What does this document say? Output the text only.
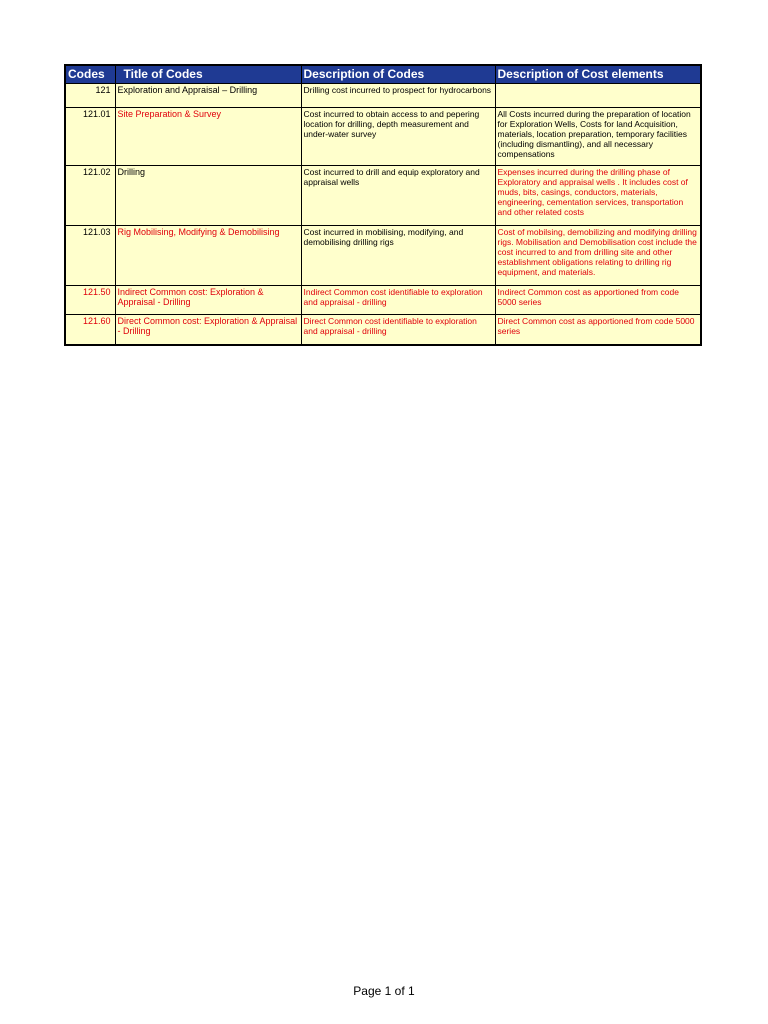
Codes	Title of Codes	Description of Codes	Description of Cost elements
121	Exploration and Appraisal – Drilling	Drilling cost incurred to prospect for hydrocarbons	
121.01	Site Preparation & Survey	Cost incurred to obtain access to and pepering location for drilling, depth measurement and under-water survey	All Costs incurred during the preparation of location for Exploration Wells, Costs for land Acquisition, materials, location preparation, temporary facilities (including dismantling), and all necessary compensations
121.02	Drilling	Cost incurred to drill and equip exploratory and appraisal wells	Expenses incurred during the drilling phase of Exploratory and appraisal wells . It includes cost of muds, bits, casings, conductors, materials, engineering, cementation services, transportation and other related costs
121.03	Rig Mobilising, Modifying & Demobilising	Cost incurred in mobilising, modifying, and demobilising drilling rigs	Cost of mobilsing, demobilizing and modifying drilling rigs. Mobilisation and Demobilisation cost include the cost incurred to and from drilling site and other establishment obligations relating to drilling rig equipment, and materials.
121.50	Indirect Common cost: Exploration & Appraisal - Drilling	Indirect Common cost identifiable to exploration and appraisal - drilling	Indirect Common cost as apportioned from code 5000 series
121.60	Direct Common cost: Exploration & Appraisal - Drilling	Direct Common cost identifiable to exploration and appraisal - drilling	Direct Common cost as apportioned from code 5000 series
Page 1 of 1
